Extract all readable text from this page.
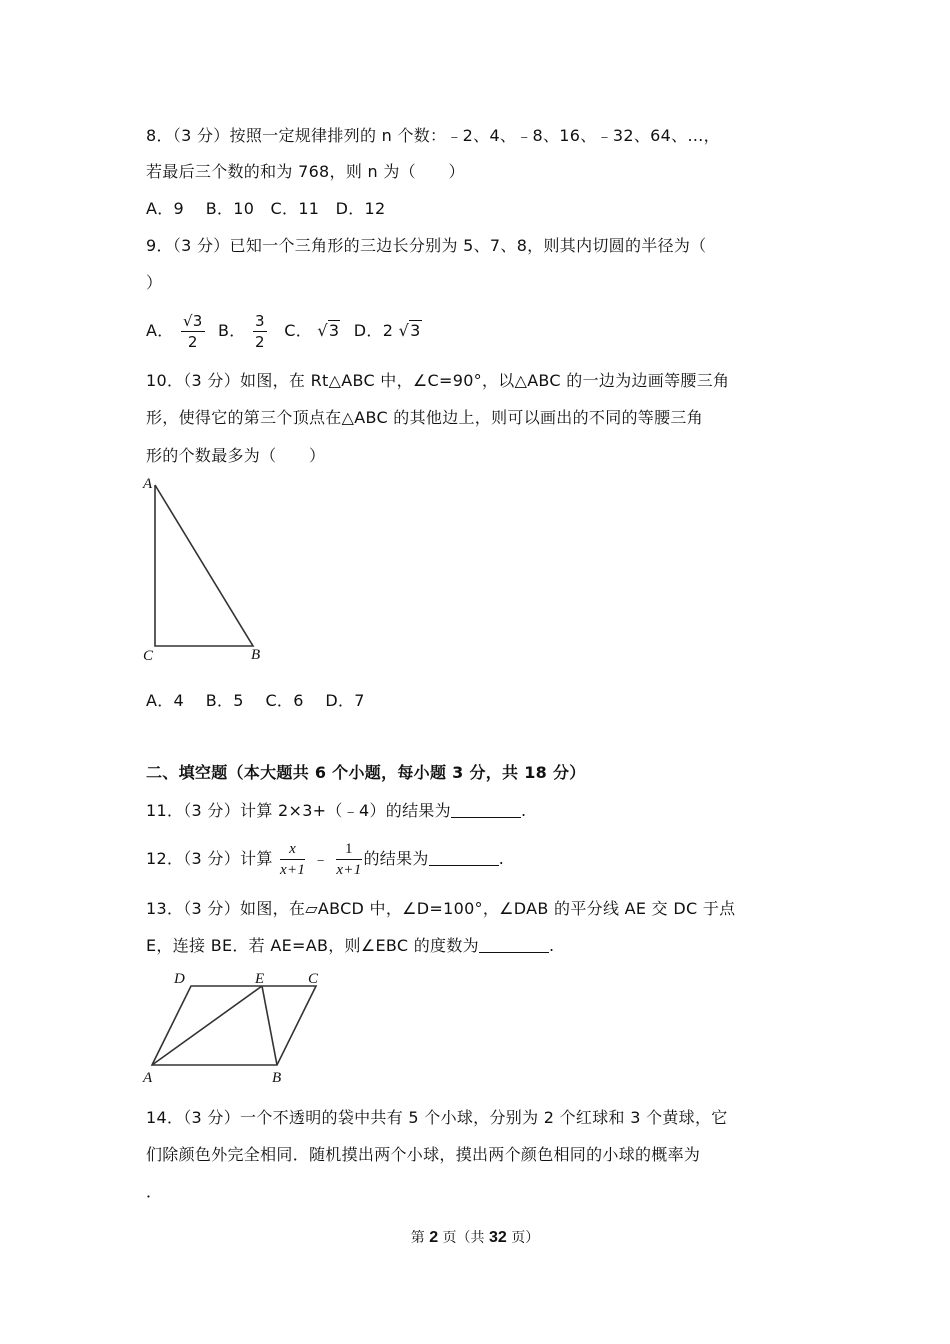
8．（3 分）按照一定规律排列的 n 个数：﹣2、4、﹣8、16、﹣32、64、…，
若最后三个数的和为 768，则 n 为（　　）
A．9　 B．10　C．11　D．12
9．（3 分）已知一个三角形的三边长分别为 5、7、8，则其内切圆的半径为（
）
A． $\frac{√3}{2}$ B． $\frac{3}{2}$ C． √3 D．2 √3
10．（3 分）如图，在 Rt△ABC 中，∠C=90°，以△ABC 的一边为边画等腰三角
形，使得它的第三个顶点在△ABC 的其他边上，则可以画出的不同的等腰三角
形的个数最多为（　　）
A
C	B
A．4　 B．5　 C．6　 D．7
二、填空题（本大题共 6 个小题，每小题 3 分，共 18 分）
11．（3 分）计算 2×3+（﹣4）的结果为	.
12．（3 分）计算 $\frac{x}{x+1}$ ﹣ $\frac{1}{x+1}$ 的结果为	.
13．（3 分）如图，在▱ABCD 中，∠D=100°，∠DAB 的平分线 AE 交 DC 于点
E，连接 BE．若 AE=AB，则∠EBC 的度数为	.
D	E	C
A	B
14．（3 分）一个不透明的袋中共有 5 个小球，分别为 2 个红球和 3 个黄球，它
们除颜色外完全相同．随机摸出两个小球，摸出两个颜色相同的小球的概率为
．
第 2 页（共 32 页）
